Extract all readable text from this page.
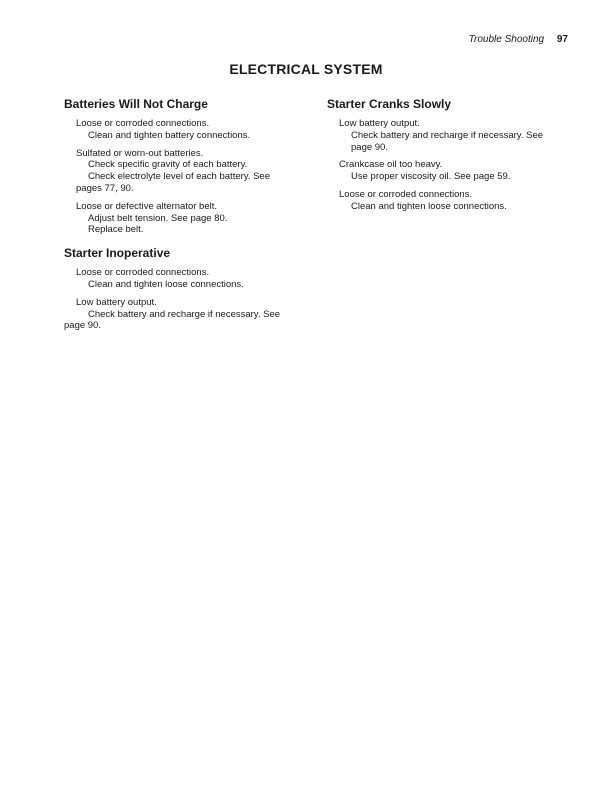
Trouble Shooting 97
ELECTRICAL SYSTEM
Batteries Will Not Charge
Loose or corroded connections.
Clean and tighten battery connections.
Sulfated or worn-out batteries.
Check specific gravity of each battery.
Check electrolyte level of each battery. See
pages 77, 90.
Loose or defective alternator belt.
Adjust belt tension. See page 80.
Replace belt.
Starter Inoperative
Loose or corroded connections.
Clean and tighten loose connections.
Low battery output.
Check battery and recharge if necessary. See
page 90.
Starter Cranks Slowly
Low battery output.
Check battery and recharge if necessary. See
page 90.
Crankcase oil too heavy.
Use proper viscosity oil. See page 59.
Loose or corroded connections.
Clean and tighten loose connections.
